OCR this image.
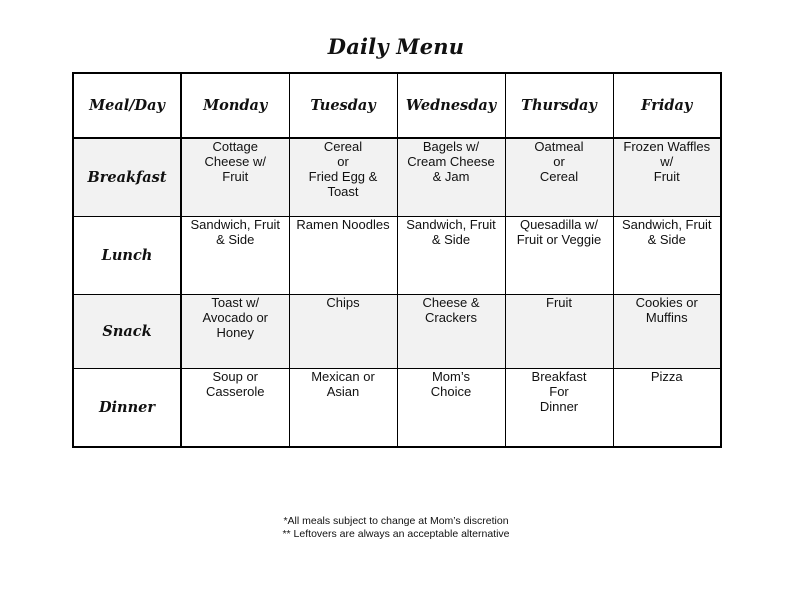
Daily Menu
Meal/Day	Monday	Tuesday	Wednesday	Thursday	Friday
Breakfast	Cottage
Cheese w/
Fruit	Cereal
or
Fried Egg &
Toast	Bagels w/
Cream Cheese
& Jam	Oatmeal
or
Cereal	Frozen Waffles
w/
Fruit
Lunch	Sandwich, Fruit
& Side	Ramen Noodles	Sandwich, Fruit
& Side	Quesadilla w/
Fruit or Veggie	Sandwich, Fruit
& Side
Snack	Toast w/
Avocado or
Honey	Chips	Cheese &
Crackers	Fruit	Cookies or
Muffins
Dinner	Soup or
Casserole	Mexican or
Asian	Mom’s
Choice	Breakfast
For
Dinner	Pizza
*All meals subject to change at Mom’s discretion
** Leftovers are always an acceptable alternative
